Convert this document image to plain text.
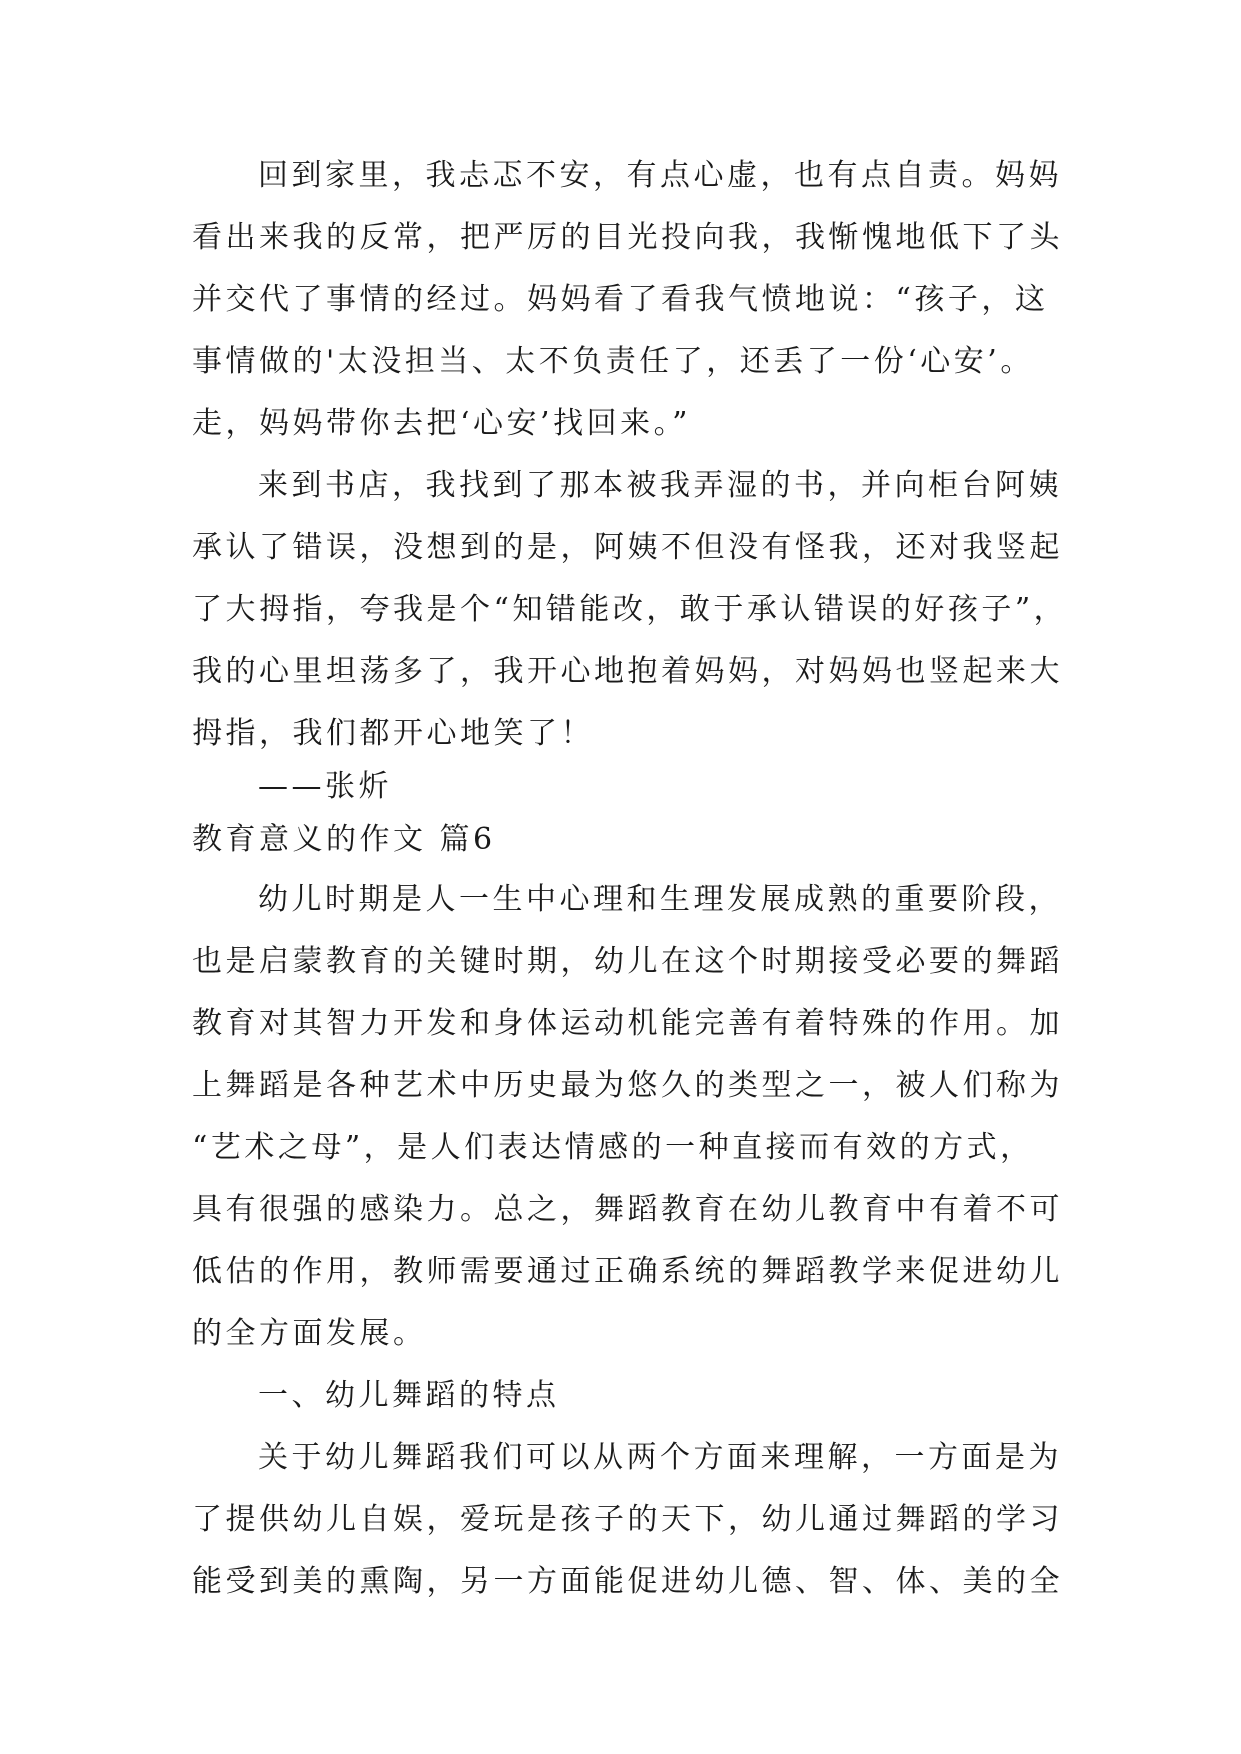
回到家里，我忐忑不安，有点心虚，也有点自责。妈妈
看出来我的反常，把严厉的目光投向我，我惭愧地低下了头
并交代了事情的经过。妈妈看了看我气愤地说：“孩子，这
事情做的'太没担当、太不负责任了，还丢了一份‘心安’。
走，妈妈带你去把‘心安’找回来。”
来到书店，我找到了那本被我弄湿的书，并向柜台阿姨
承认了错误，没想到的是，阿姨不但没有怪我，还对我竖起
了大拇指，夸我是个“知错能改，敢于承认错误的好孩子”，
我的心里坦荡多了，我开心地抱着妈妈，对妈妈也竖起来大
拇指，我们都开心地笑了！
——张炘
教育意义的作文 篇6
幼儿时期是人一生中心理和生理发展成熟的重要阶段，
也是启蒙教育的关键时期，幼儿在这个时期接受必要的舞蹈
教育对其智力开发和身体运动机能完善有着特殊的作用。加
上舞蹈是各种艺术中历史最为悠久的类型之一，被人们称为
“艺术之母”，是人们表达情感的一种直接而有效的方式，
具有很强的感染力。总之，舞蹈教育在幼儿教育中有着不可
低估的作用，教师需要通过正确系统的舞蹈教学来促进幼儿
的全方面发展。
一、幼儿舞蹈的特点
关于幼儿舞蹈我们可以从两个方面来理解，一方面是为
了提供幼儿自娱，爱玩是孩子的天下，幼儿通过舞蹈的学习
能受到美的熏陶，另一方面能促进幼儿德、智、体、美的全
